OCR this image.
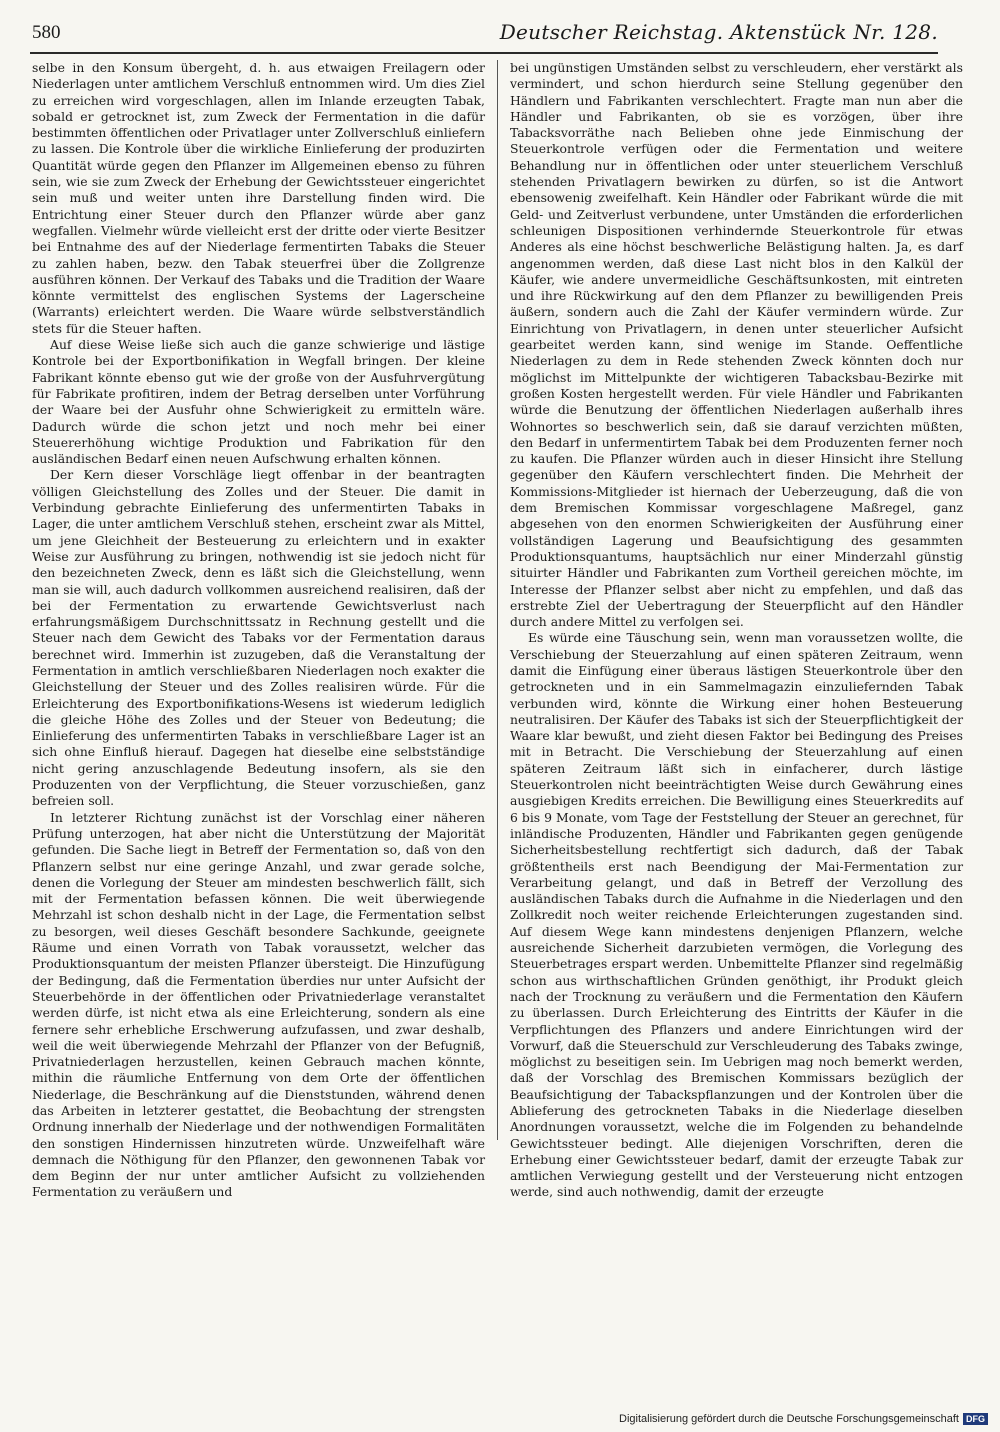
580	Deutscher Reichstag. Aktenstück Nr. 128.

selbe in den Konsum übergeht, d. h. aus etwaigen Freilagern oder Niederlagen unter amtlichem Verschluß entnommen wird. Um dies Ziel zu erreichen wird vorgeschlagen, allen im Inlande erzeugten Tabak, sobald er getrocknet ist, zum Zweck der Fermentation in die dafür bestimmten öffentlichen oder Privatlager unter Zollverschluß einliefern zu lassen. Die Kontrole über die wirkliche Einlieferung der produzirten Quantität würde gegen den Pflanzer im Allgemeinen ebenso zu führen sein, wie sie zum Zweck der Erhebung der Gewichtssteuer eingerichtet sein muß und weiter unten ihre Darstellung finden wird. Die Entrichtung einer Steuer durch den Pflanzer würde aber ganz wegfallen. Vielmehr würde vielleicht erst der dritte oder vierte Besitzer bei Entnahme des auf der Niederlage fermentirten Tabaks die Steuer zu zahlen haben, bezw. den Tabak steuerfrei über die Zollgrenze ausführen können. Der Verkauf des Tabaks und die Tradition der Waare könnte vermittelst des englischen Systems der Lagerscheine (Warrants) erleichtert werden. Die Waare würde selbstverständlich stets für die Steuer haften.

Auf diese Weise ließe sich auch die ganze schwierige und lästige Kontrole bei der Exportbonifikation in Wegfall bringen. Der kleine Fabrikant könnte ebenso gut wie der große von der Ausfuhrvergütung für Fabrikate profitiren, indem der Betrag derselben unter Vorführung der Waare bei der Ausfuhr ohne Schwierigkeit zu ermitteln wäre. Dadurch würde die schon jetzt und noch mehr bei einer Steuererhöhung wichtige Produktion und Fabrikation für den ausländischen Bedarf einen neuen Aufschwung erhalten können.

Der Kern dieser Vorschläge liegt offenbar in der beantragten völligen Gleichstellung des Zolles und der Steuer. Die damit in Verbindung gebrachte Einlieferung des unfermentirten Tabaks in Lager, die unter amtlichem Verschluß stehen, erscheint zwar als Mittel, um jene Gleichheit der Besteuerung zu erleichtern und in exakter Weise zur Ausführung zu bringen, nothwendig ist sie jedoch nicht für den bezeichneten Zweck, denn es läßt sich die Gleichstellung, wenn man sie will, auch dadurch vollkommen ausreichend realisiren, daß der bei der Fermentation zu erwartende Gewichtsverlust nach erfahrungsmäßigem Durchschnittssatz in Rechnung gestellt und die Steuer nach dem Gewicht des Tabaks vor der Fermentation daraus berechnet wird. Immerhin ist zuzugeben, daß die Veranstaltung der Fermentation in amtlich verschließbaren Niederlagen noch exakter die Gleichstellung der Steuer und des Zolles realisiren würde. Für die Erleichterung des Exportbonifikations-Wesens ist wiederum lediglich die gleiche Höhe des Zolles und der Steuer von Bedeutung; die Einlieferung des unfermentirten Tabaks in verschließbare Lager ist an sich ohne Einfluß hierauf. Dagegen hat dieselbe eine selbstständige nicht gering anzuschlagende Bedeutung insofern, als sie den Produzenten von der Verpflichtung, die Steuer vorzuschießen, ganz befreien soll.

In letzterer Richtung zunächst ist der Vorschlag einer näheren Prüfung unterzogen, hat aber nicht die Unterstützung der Majorität gefunden. Die Sache liegt in Betreff der Fermentation so, daß von den Pflanzern selbst nur eine geringe Anzahl, und zwar gerade solche, denen die Vorlegung der Steuer am mindesten beschwerlich fällt, sich mit der Fermentation befassen können. Die weit überwiegende Mehrzahl ist schon deshalb nicht in der Lage, die Fermentation selbst zu besorgen, weil dieses Geschäft besondere Sachkunde, geeignete Räume und einen Vorrath von Tabak voraussetzt, welcher das Produktionsquantum der meisten Pflanzer übersteigt. Die Hinzufügung der Bedingung, daß die Fermentation überdies nur unter Aufsicht der Steuerbehörde in der öffentlichen oder Privatniederlage veranstaltet werden dürfe, ist nicht etwa als eine Erleichterung, sondern als eine fernere sehr erhebliche Erschwerung aufzufassen, und zwar deshalb, weil die weit überwiegende Mehrzahl der Pflanzer von der Befugniß, Privatniederlagen herzustellen, keinen Gebrauch machen könnte, mithin die räumliche Entfernung von dem Orte der öffentlichen Niederlage, die Beschränkung auf die Dienststunden, während denen das Arbeiten in letzterer gestattet, die Beobachtung der strengsten Ordnung innerhalb der Niederlage und der nothwendigen Formalitäten den sonstigen Hindernissen hinzutreten würde. Unzweifelhaft wäre demnach die Nöthigung für den Pflanzer, den gewonnenen Tabak vor dem Beginn der nur unter amtlicher Aufsicht zu vollziehenden Fermentation zu veräußern und

bei ungünstigen Umständen selbst zu verschleudern, eher verstärkt als vermindert, und schon hierdurch seine Stellung gegenüber den Händlern und Fabrikanten verschlechtert. Fragte man nun aber die Händler und Fabrikanten, ob sie es vorzögen, über ihre Tabacksvorräthe nach Belieben ohne jede Einmischung der Steuerkontrole verfügen oder die Fermentation und weitere Behandlung nur in öffentlichen oder unter steuerlichem Verschluß stehenden Privatlagern bewirken zu dürfen, so ist die Antwort ebensowenig zweifelhaft. Kein Händler oder Fabrikant würde die mit Geld- und Zeitverlust verbundene, unter Umständen die erforderlichen schleunigen Dispositionen verhindernde Steuerkontrole für etwas Anderes als eine höchst beschwerliche Belästigung halten. Ja, es darf angenommen werden, daß diese Last nicht blos in den Kalkül der Käufer, wie andere unvermeidliche Geschäftsunkosten, mit eintreten und ihre Rückwirkung auf den dem Pflanzer zu bewilligenden Preis äußern, sondern auch die Zahl der Käufer vermindern würde. Zur Einrichtung von Privatlagern, in denen unter steuerlicher Aufsicht gearbeitet werden kann, sind wenige im Stande. Oeffentliche Niederlagen zu dem in Rede stehenden Zweck könnten doch nur möglichst im Mittelpunkte der wichtigeren Tabacksbau-Bezirke mit großen Kosten hergestellt werden. Für viele Händler und Fabrikanten würde die Benutzung der öffentlichen Niederlagen außerhalb ihres Wohnortes so beschwerlich sein, daß sie darauf verzichten müßten, den Bedarf in unfermentirtem Tabak bei dem Produzenten ferner noch zu kaufen. Die Pflanzer würden auch in dieser Hinsicht ihre Stellung gegenüber den Käufern verschlechtert finden. Die Mehrheit der Kommissions-Mitglieder ist hiernach der Ueberzeugung, daß die von dem Bremischen Kommissar vorgeschlagene Maßregel, ganz abgesehen von den enormen Schwierigkeiten der Ausführung einer vollständigen Lagerung und Beaufsichtigung des gesammten Produktionsquantums, hauptsächlich nur einer Minderzahl günstig situirter Händler und Fabrikanten zum Vortheil gereichen möchte, im Interesse der Pflanzer selbst aber nicht zu empfehlen, und daß das erstrebte Ziel der Uebertragung der Steuerpflicht auf den Händler durch andere Mittel zu verfolgen sei.

Es würde eine Täuschung sein, wenn man voraussetzen wollte, die Verschiebung der Steuerzahlung auf einen späteren Zeitraum, wenn damit die Einfügung einer überaus lästigen Steuerkontrole über den getrockneten und in ein Sammelmagazin einzuliefernden Tabak verbunden wird, könnte die Wirkung einer hohen Besteuerung neutralisiren. Der Käufer des Tabaks ist sich der Steuerpflichtigkeit der Waare klar bewußt, und zieht diesen Faktor bei Bedingung des Preises mit in Betracht. Die Verschiebung der Steuerzahlung auf einen späteren Zeitraum läßt sich in einfacherer, durch lästige Steuerkontrolen nicht beeinträchtigten Weise durch Gewährung eines ausgiebigen Kredits erreichen. Die Bewilligung eines Steuerkredits auf 6 bis 9 Monate, vom Tage der Feststellung der Steuer an gerechnet, für inländische Produzenten, Händler und Fabrikanten gegen genügende Sicherheitsbestellung rechtfertigt sich dadurch, daß der Tabak größtentheils erst nach Beendigung der Mai-Fermentation zur Verarbeitung gelangt, und daß in Betreff der Verzollung des ausländischen Tabaks durch die Aufnahme in die Niederlagen und den Zollkredit noch weiter reichende Erleichterungen zugestanden sind. Auf diesem Wege kann mindestens denjenigen Pflanzern, welche ausreichende Sicherheit darzubieten vermögen, die Vorlegung des Steuerbetrages erspart werden. Unbemittelte Pflanzer sind regelmäßig schon aus wirthschaftlichen Gründen genöthigt, ihr Produkt gleich nach der Trocknung zu veräußern und die Fermentation den Käufern zu überlassen. Durch Erleichterung des Eintritts der Käufer in die Verpflichtungen des Pflanzers und andere Einrichtungen wird der Vorwurf, daß die Steuerschuld zur Verschleuderung des Tabaks zwinge, möglichst zu beseitigen sein. Im Uebrigen mag noch bemerkt werden, daß der Vorschlag des Bremischen Kommissars bezüglich der Beaufsichtigung der Tabackspflanzungen und der Kontrolen über die Ablieferung des getrockneten Tabaks in die Niederlage dieselben Anordnungen voraussetzt, welche die im Folgenden zu behandelnde Gewichtssteuer bedingt. Alle diejenigen Vorschriften, deren die Erhebung einer Gewichtssteuer bedarf, damit der erzeugte Tabak zur amtlichen Verwiegung gestellt und der Versteuerung nicht entzogen werde, sind auch nothwendig, damit der erzeugte

Digitalisierung gefördert durch die Deutsche Forschungsgemeinschaft DFG
